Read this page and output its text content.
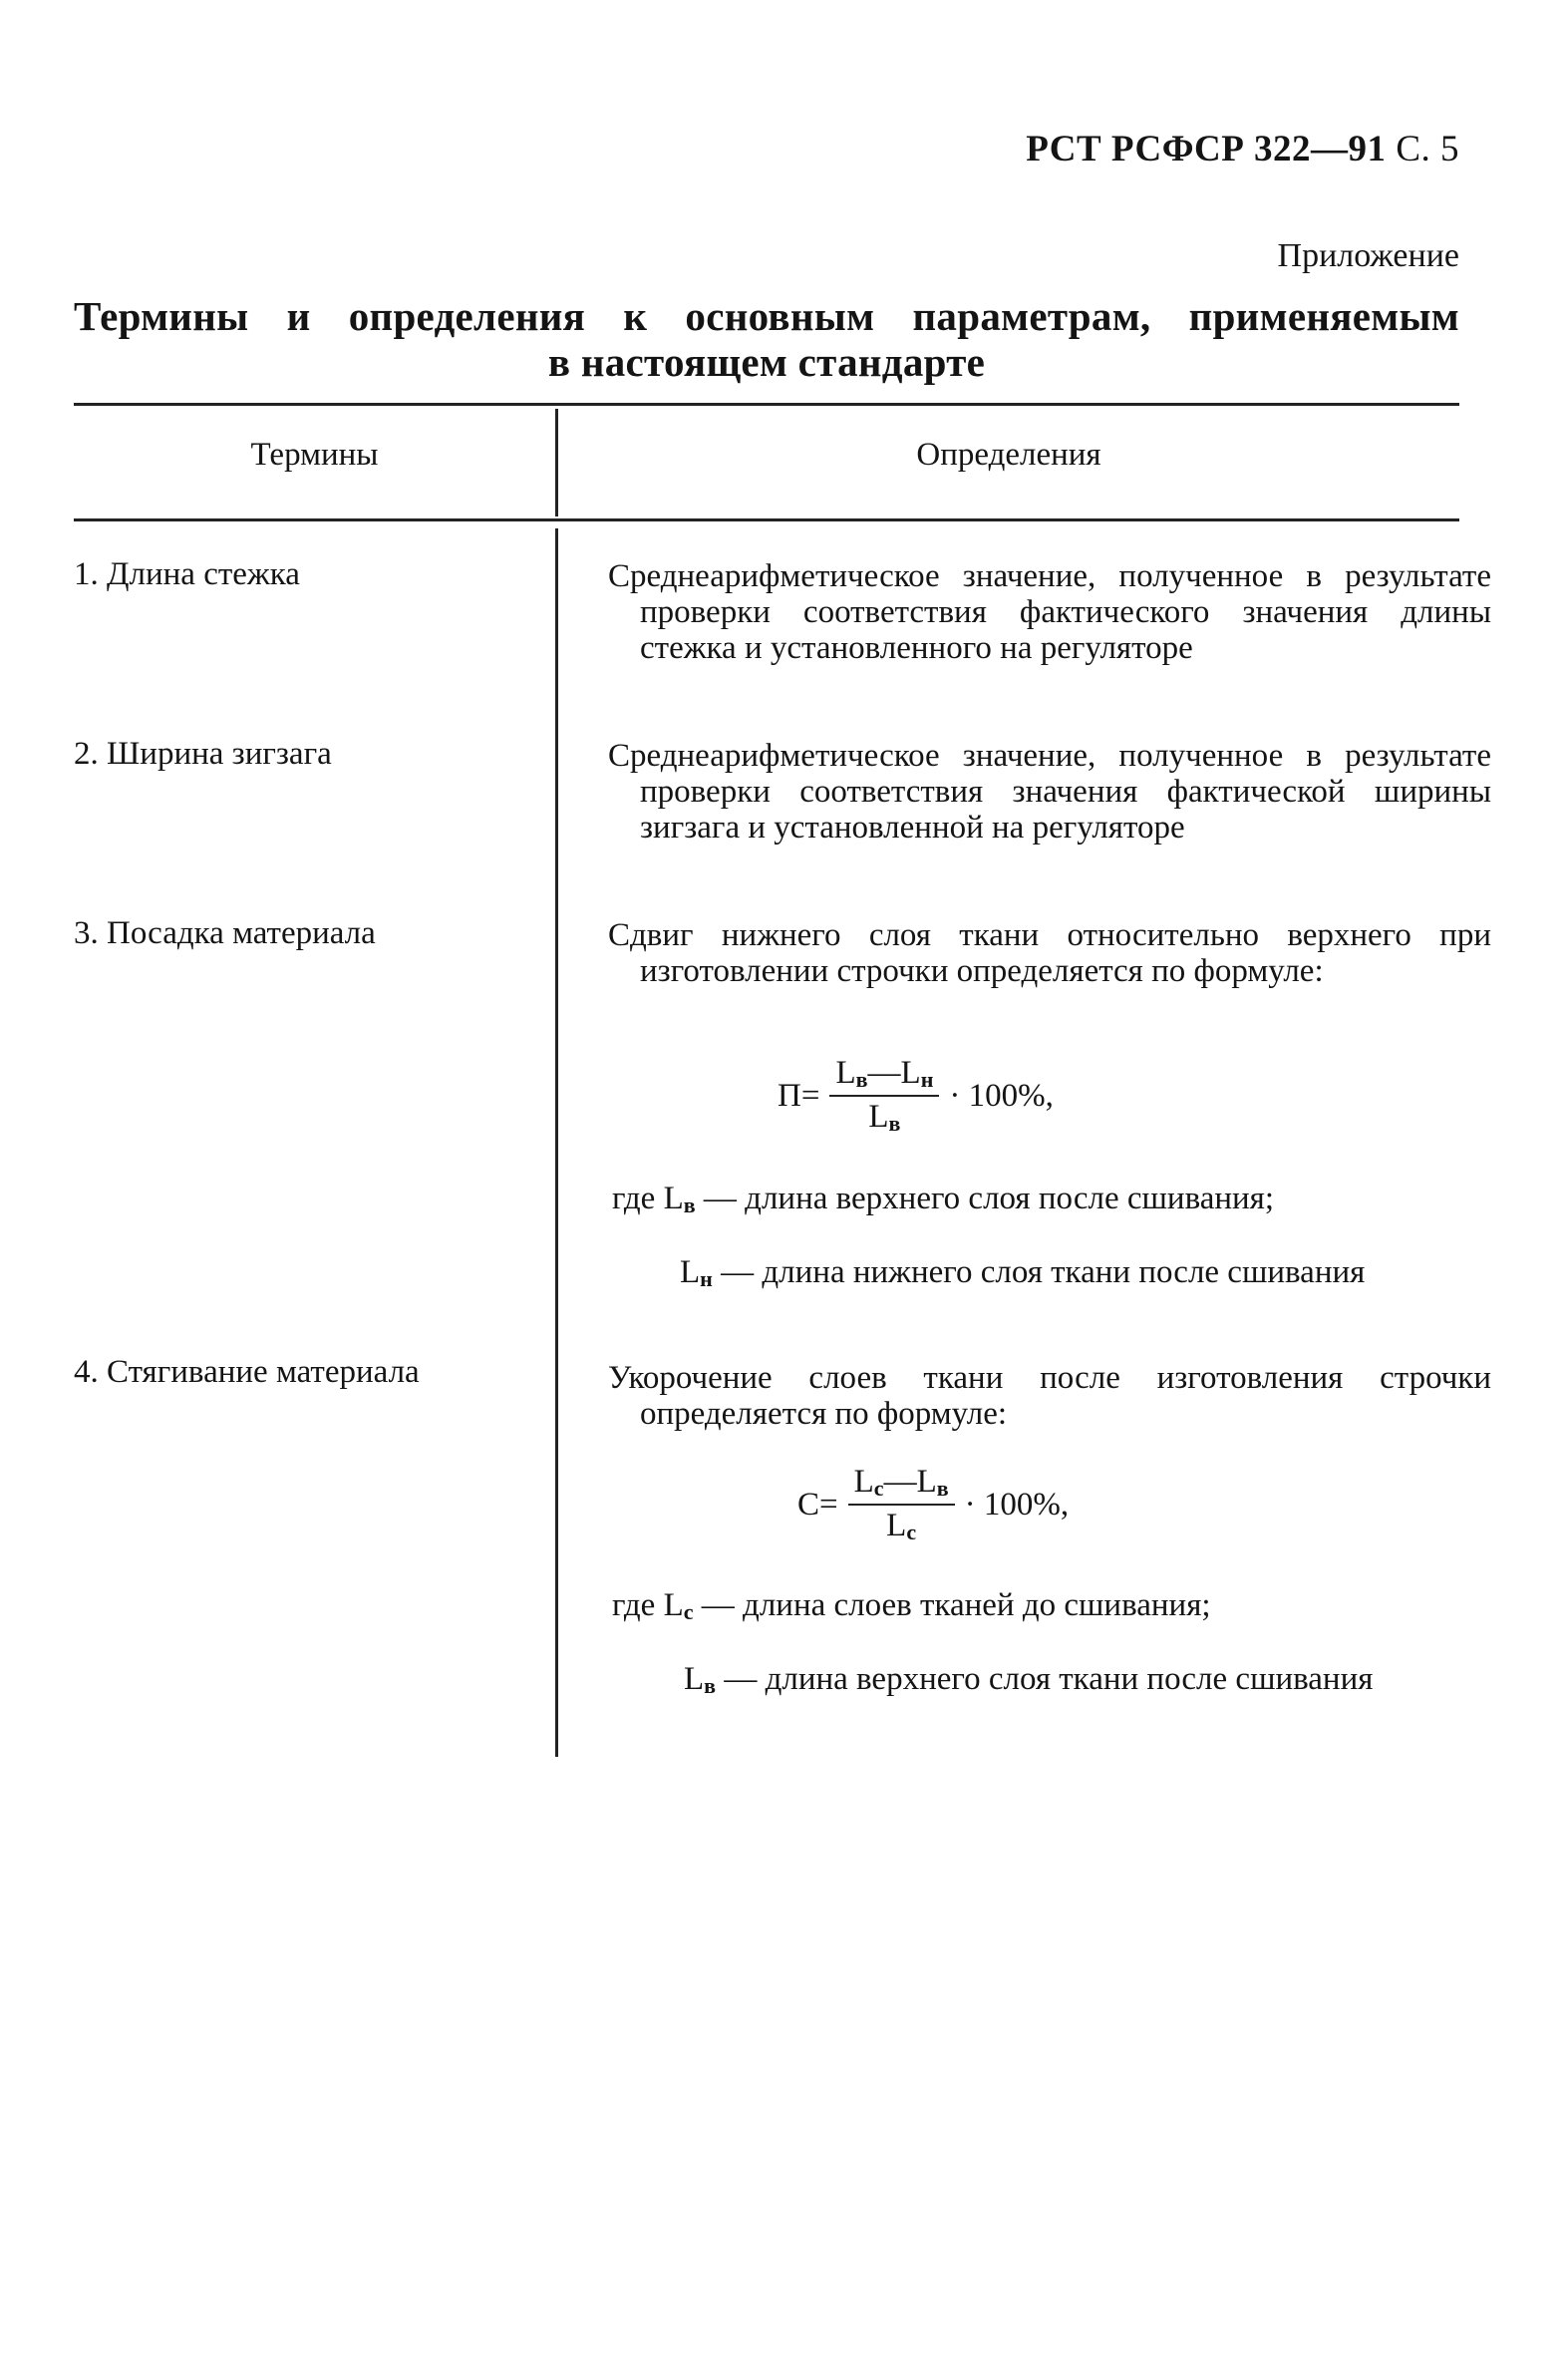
РСТ РСФСР 322—91 С. 5
Приложение
Термины и определения к основным параметрам, применяемым
в настоящем стандарте
Термины	Определения
1. Длина стежка	Среднеарифметическое значение, полученное в результате проверки соответствия фактического значения длины стежка и установленного на регуляторе
2. Ширина зигзага	Среднеарифметическое значение, полученное в результате проверки соответствия значения фактической ширины зигзага и установленной на регуляторе
3. Посадка материала	Сдвиг нижнего слоя ткани относительно верхнего при изготовлении строчки определяется по формуле:
$П= \frac{Lв—Lн}{Lв} \cdot 100\%$,
где Lв — длина верхнего слоя после сшивания;
Lн — длина нижнего слоя ткани после сшивания
4. Стягивание материала	Укорочение слоев ткани после изготовления строчки определяется по формуле:
$С= \frac{Lс—Lв}{Lс} \cdot 100\%$,
где Lс — длина слоев тканей до сшивания;
Lв — длина верхнего слоя ткани после сшивания
